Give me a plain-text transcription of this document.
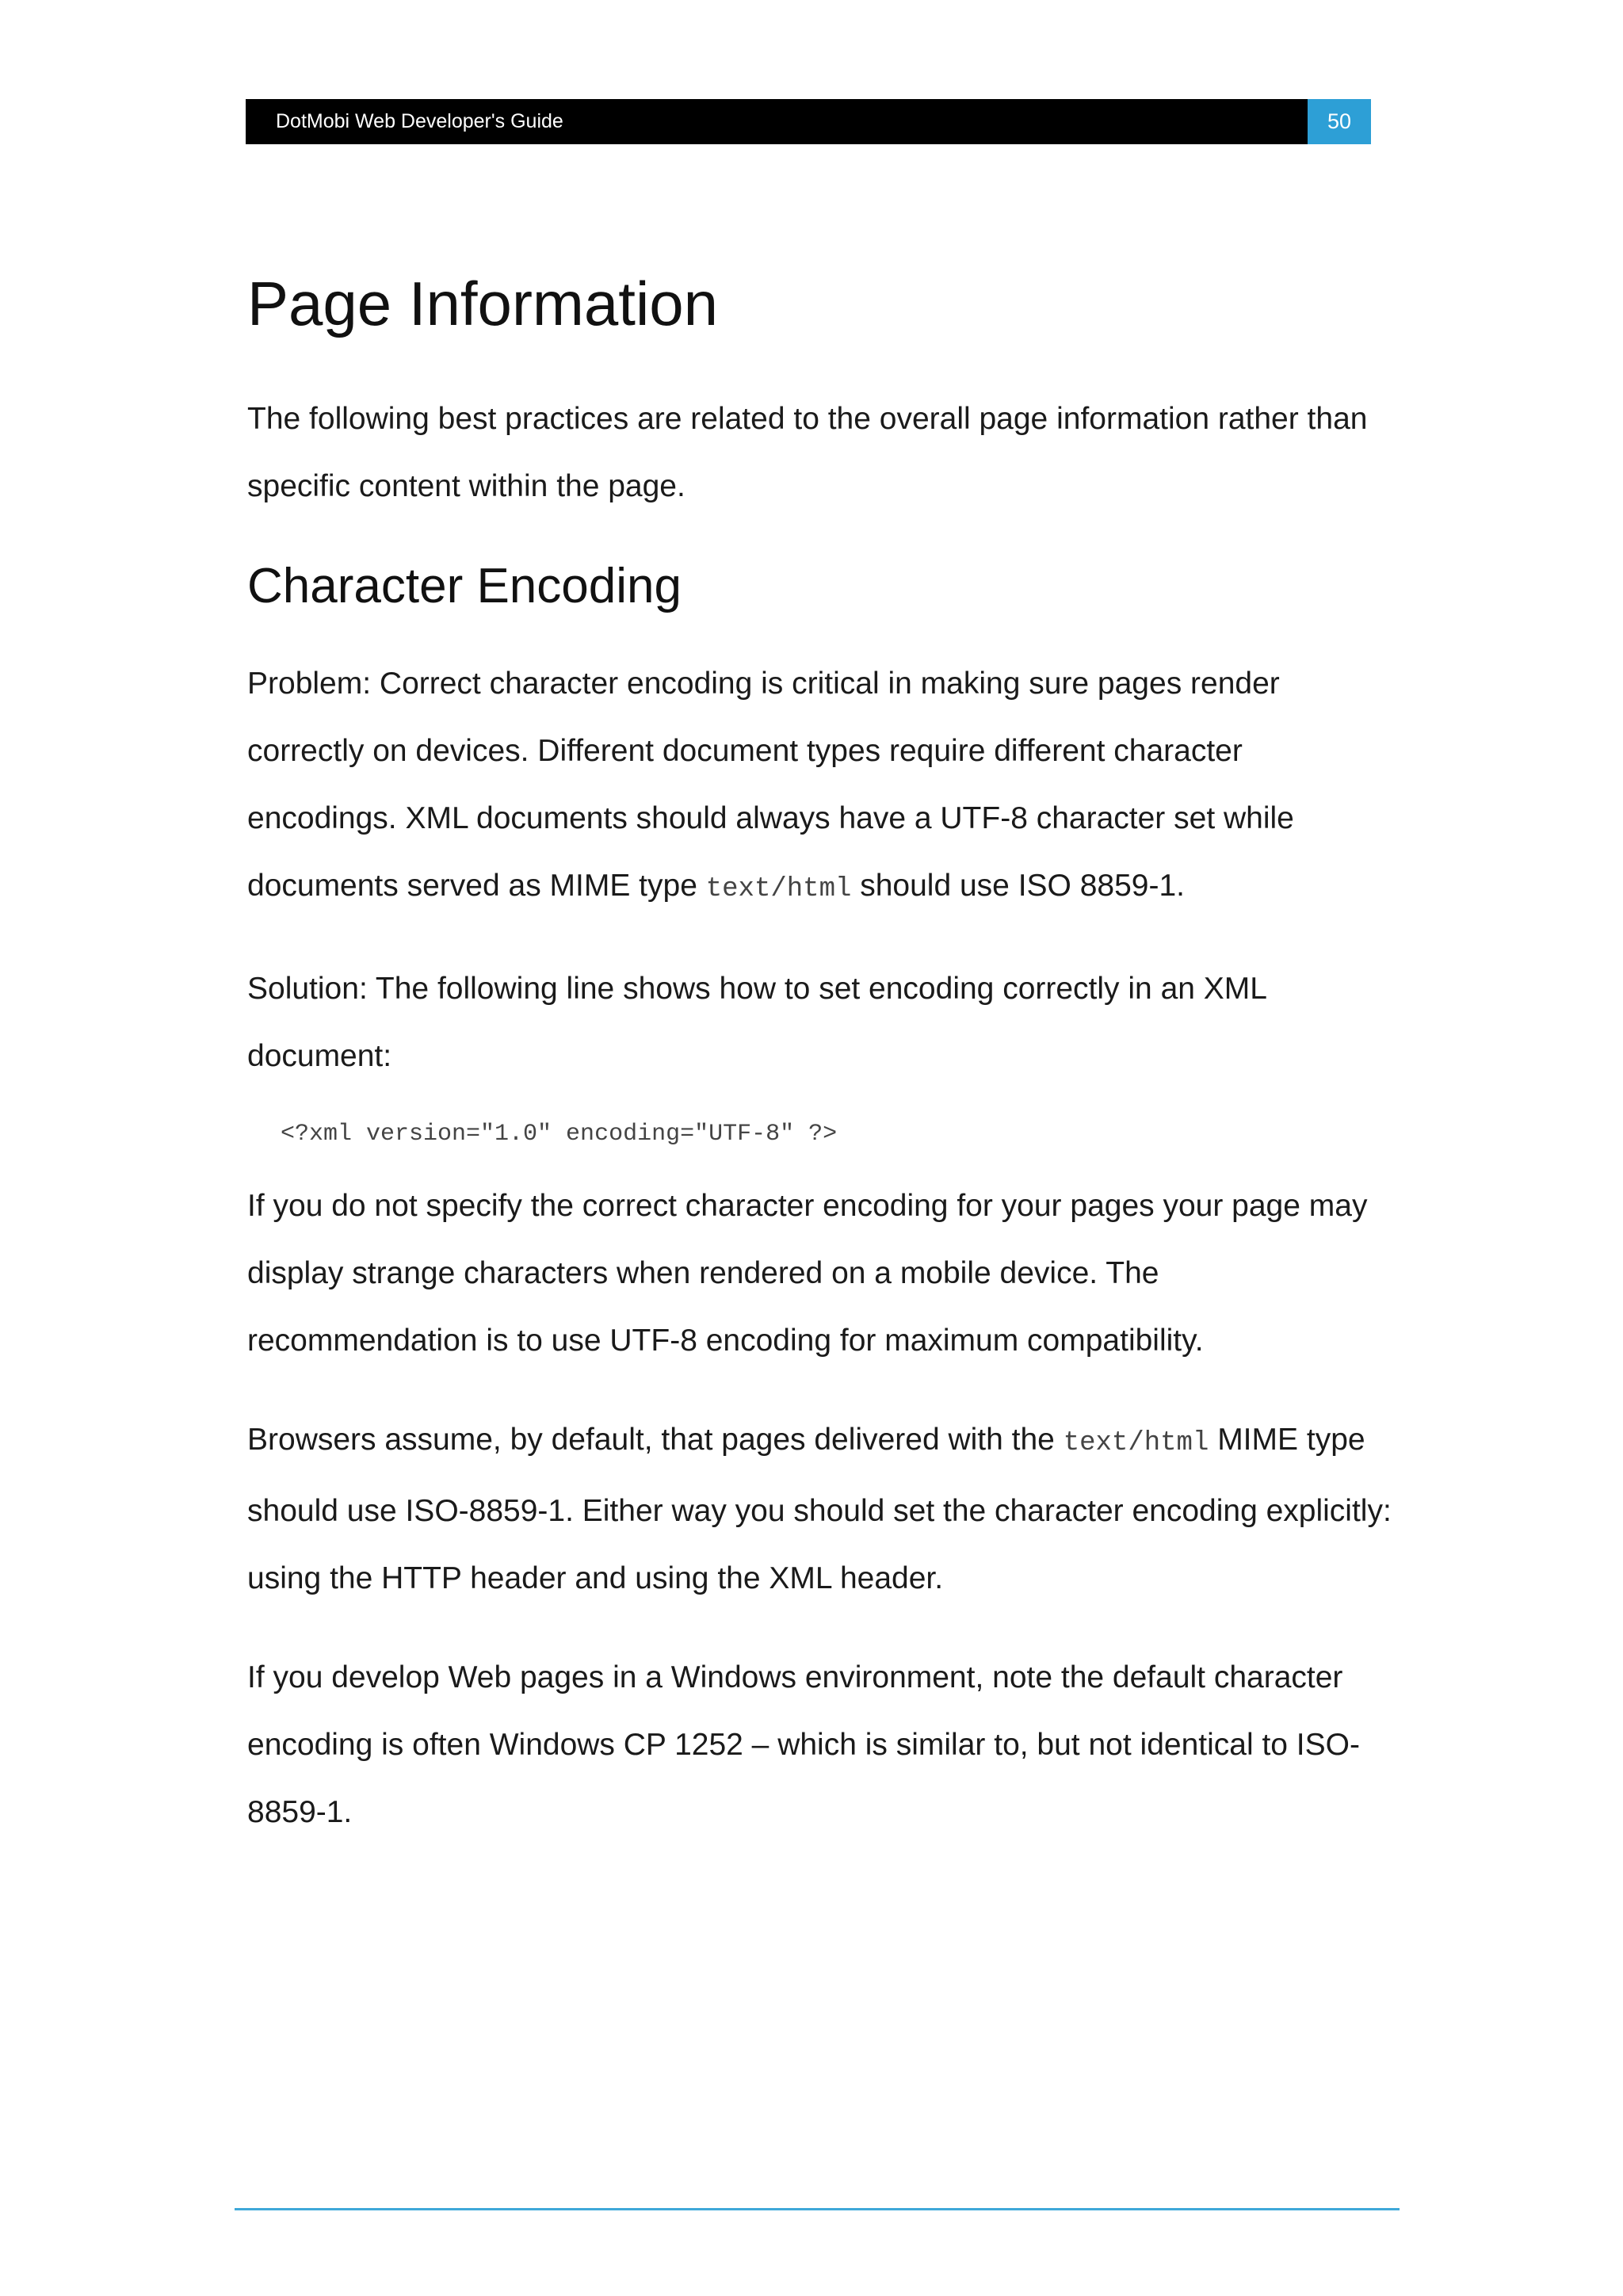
DotMobi Web Developer's Guide	50
Page Information

The following best practices are related to the overall page information rather than specific content within the page.

Character Encoding

Problem: Correct character encoding is critical in making sure pages render correctly on devices. Different document types require different character encodings. XML documents should always have a UTF-8 character set while documents served as MIME type text/html should use ISO 8859-1.

Solution: The following line shows how to set encoding correctly in an XML document:

<?xml version="1.0" encoding="UTF-8" ?>

If you do not specify the correct character encoding for your pages your page may display strange characters when rendered on a mobile device. The recommendation is to use UTF-8 encoding for maximum compatibility.

Browsers assume, by default, that pages delivered with the text/html MIME type should use ISO-8859-1. Either way you should set the character encoding explicitly: using the HTTP header and using the XML header.

If you develop Web pages in a Windows environment, note the default character encoding is often Windows CP 1252 – which is similar to, but not identical to ISO-8859-1.
